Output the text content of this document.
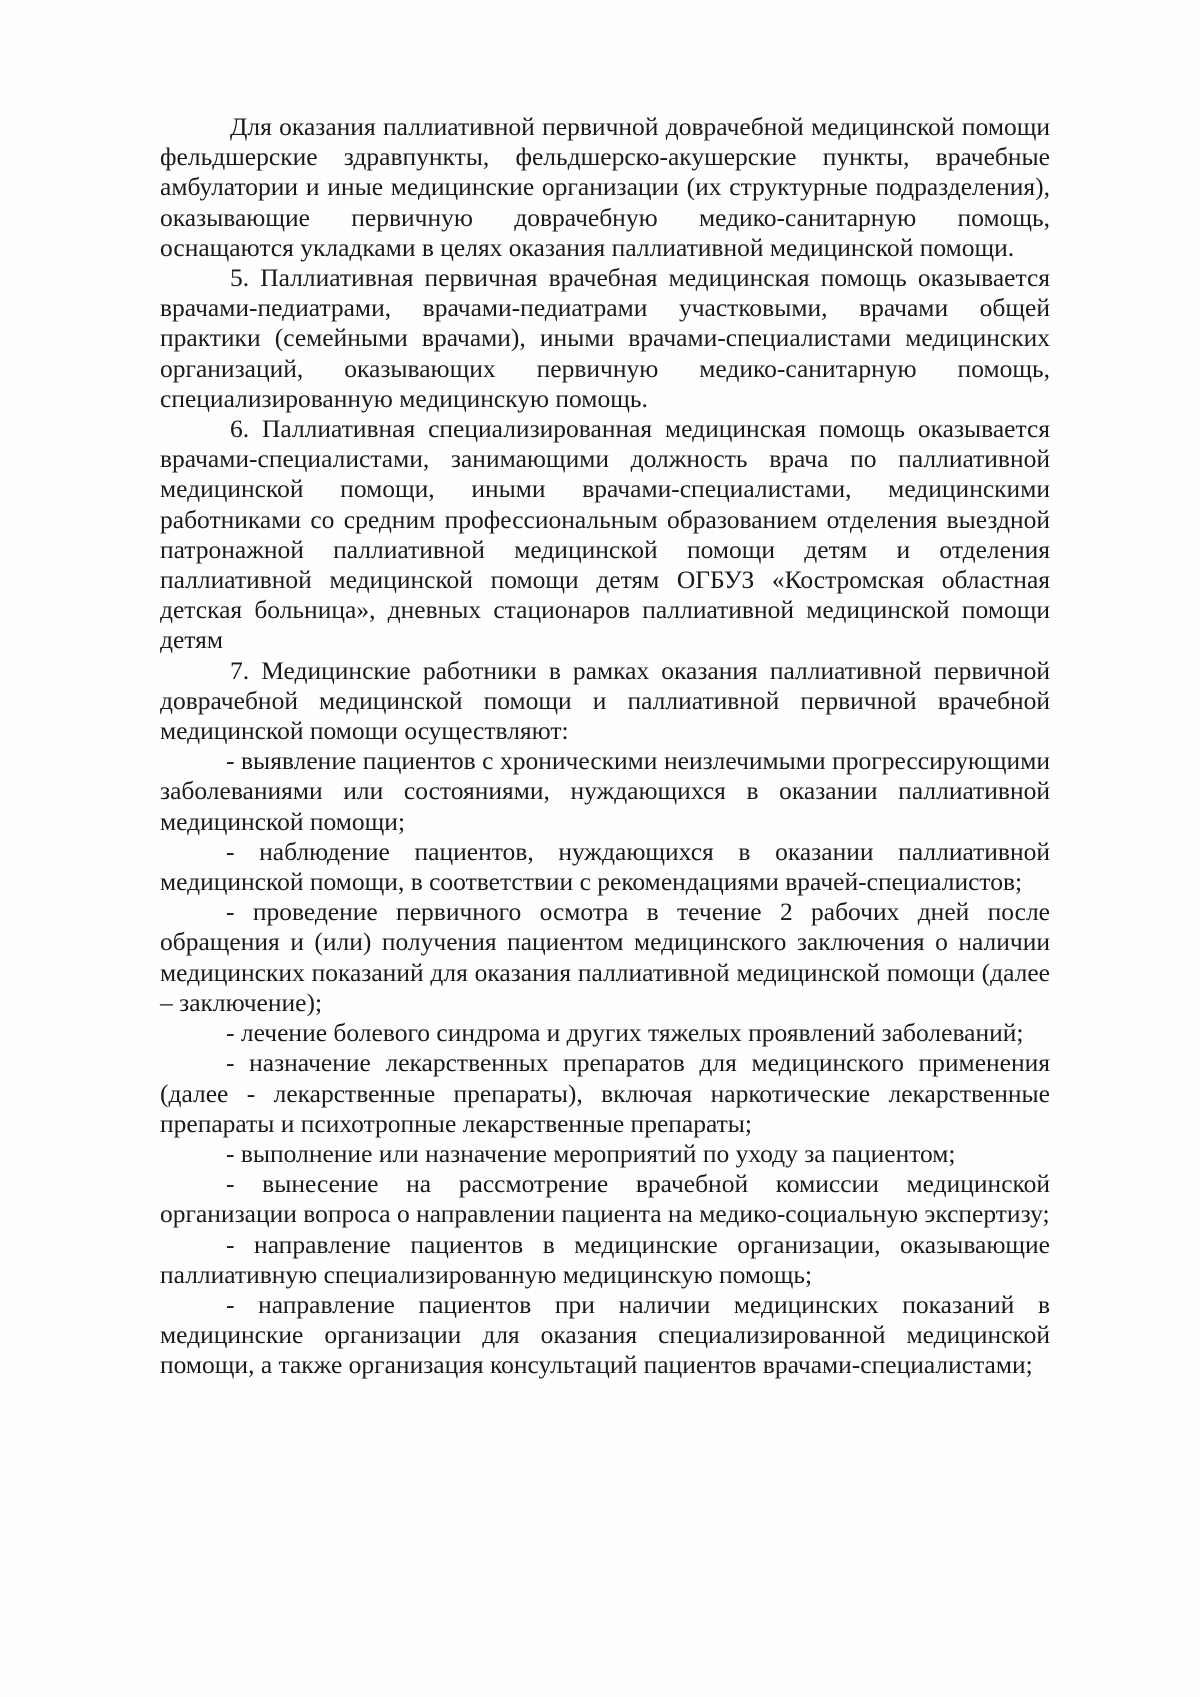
Для оказания паллиативной первичной доврачебной медицинской помощи фельдшерские здравпункты, фельдшерско-акушерские пункты, врачебные амбулатории и иные медицинские организации (их структурные подразделения), оказывающие первичную доврачебную медико-санитарную помощь, оснащаются укладками в целях оказания паллиативной медицинской помощи.

5. Паллиативная первичная врачебная медицинская помощь оказывается врачами-педиатрами, врачами-педиатрами участковыми, врачами общей практики (семейными врачами), иными врачами-специалистами медицинских организаций, оказывающих первичную медико-санитарную помощь, специализированную медицинскую помощь.

6. Паллиативная специализированная медицинская помощь оказывается врачами-специалистами, занимающими должность врача по паллиативной медицинской помощи, иными врачами-специалистами, медицинскими работниками со средним профессиональным образованием отделения выездной патронажной паллиативной медицинской помощи детям и отделения паллиативной медицинской помощи детям ОГБУЗ «Костромская областная детская больница», дневных стационаров паллиативной медицинской помощи детям

7. Медицинские работники в рамках оказания паллиативной первичной доврачебной медицинской помощи и паллиативной первичной врачебной медицинской помощи осуществляют:

- выявление пациентов с хроническими неизлечимыми прогрессирующими заболеваниями или состояниями, нуждающихся в оказании паллиативной медицинской помощи;

- наблюдение пациентов, нуждающихся в оказании паллиативной медицинской помощи, в соответствии с рекомендациями врачей-специалистов;

- проведение первичного осмотра в течение 2 рабочих дней после обращения и (или) получения пациентом медицинского заключения о наличии медицинских показаний для оказания паллиативной медицинской помощи (далее – заключение);

- лечение болевого синдрома и других тяжелых проявлений заболеваний;

- назначение лекарственных препаратов для медицинского применения (далее - лекарственные препараты), включая наркотические лекарственные препараты и психотропные лекарственные препараты;

- выполнение или назначение мероприятий по уходу за пациентом;

- вынесение на рассмотрение врачебной комиссии медицинской организации вопроса о направлении пациента на медико-социальную экспертизу;

- направление пациентов в медицинские организации, оказывающие паллиативную специализированную медицинскую помощь;

- направление пациентов при наличии медицинских показаний в медицинские организации для оказания специализированной медицинской помощи, а также организация консультаций пациентов врачами-специалистами;
